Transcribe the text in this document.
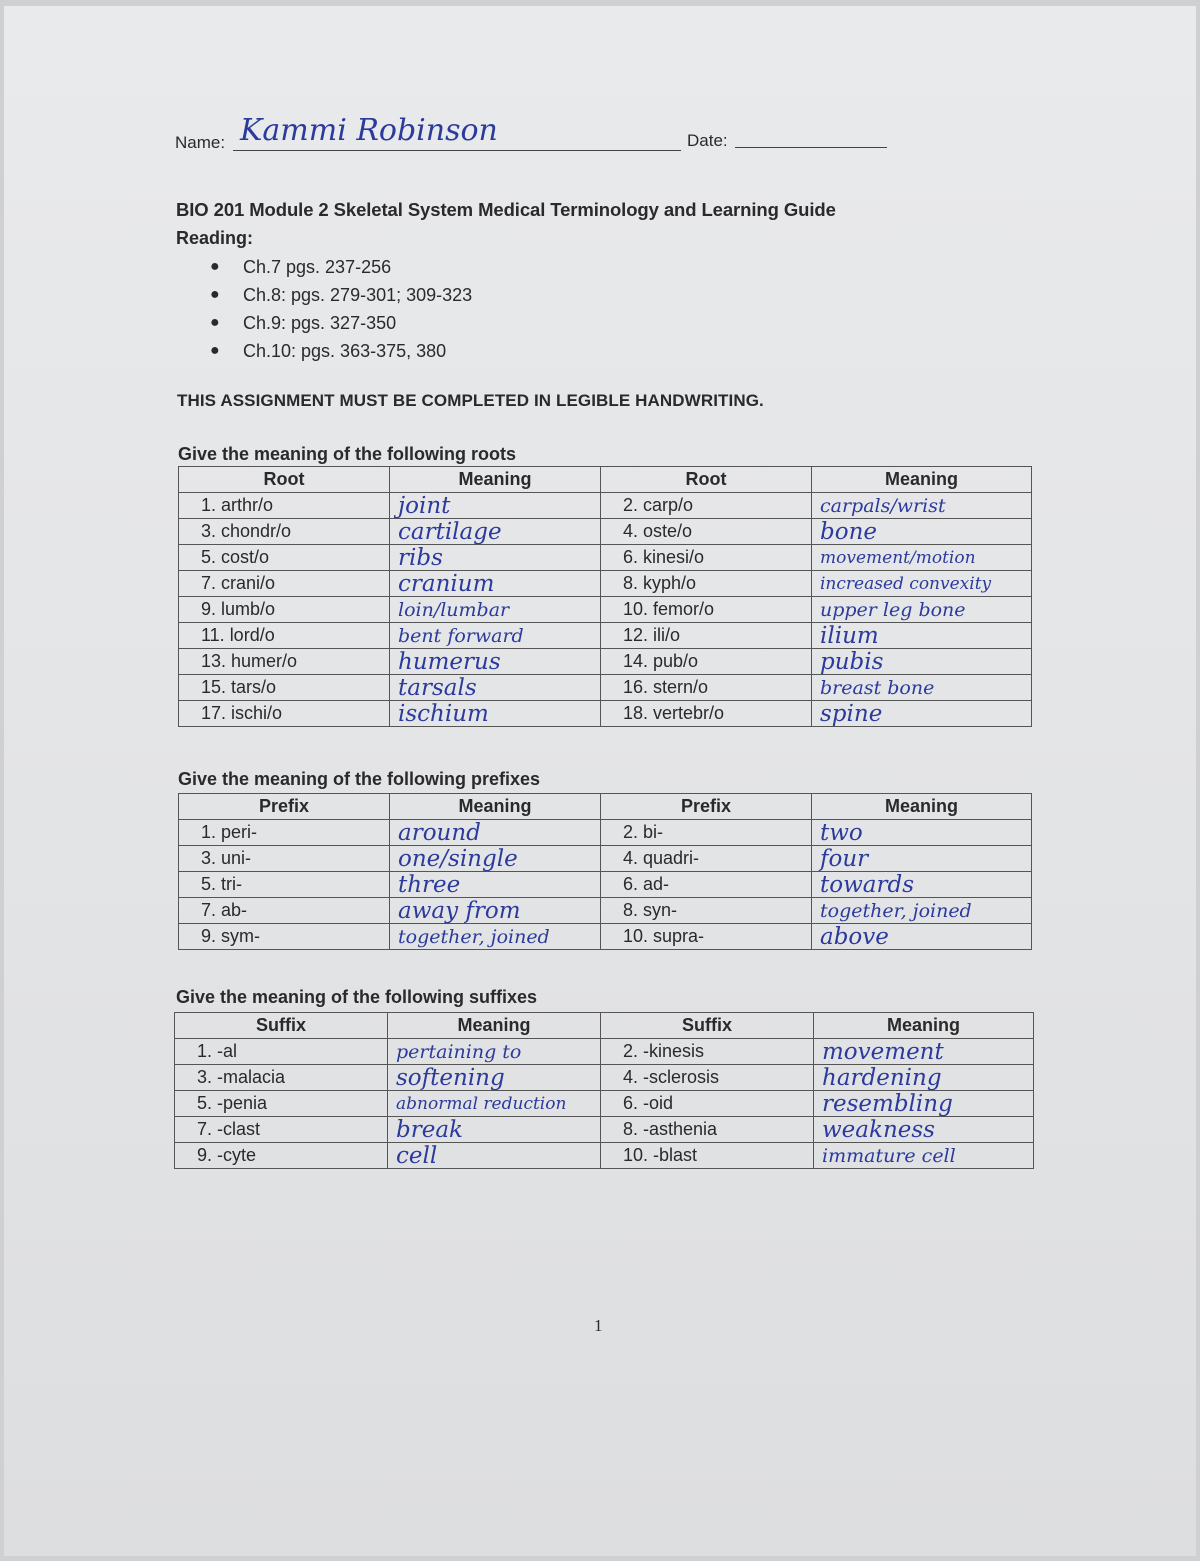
Name: Kammi Robinson	Date:
BIO 201 Module 2 Skeletal System Medical Terminology and Learning Guide
Reading:
● Ch.7 pgs. 237-256
● Ch.8: pgs. 279-301; 309-323
● Ch.9: pgs. 327-350
● Ch.10: pgs. 363-375, 380
THIS ASSIGNMENT MUST BE COMPLETED IN LEGIBLE HANDWRITING.
Give the meaning of the following roots
Root	Meaning	Root	Meaning
1. arthr/o	joint	2. carp/o	carpals/wrist
3. chondr/o	cartilage	4. oste/o	bone
5. cost/o	ribs	6. kinesi/o	movement/motion
7. crani/o	cranium	8. kyph/o	increased convexity
9. lumb/o	loin/lumbar	10. femor/o	upper leg bone
11. lord/o	bent forward	12. ili/o	ilium
13. humer/o	humerus	14. pub/o	pubis
15. tars/o	tarsals	16. stern/o	breast bone
17. ischi/o	ischium	18. vertebr/o	spine
Give the meaning of the following prefixes
Prefix	Meaning	Prefix	Meaning
1. peri-	around	2. bi-	two
3. uni-	one/single	4. quadri-	four
5. tri-	three	6. ad-	towards
7. ab-	away from	8. syn-	together, joined
9. sym-	together, joined	10. supra-	above
Give the meaning of the following suffixes
Suffix	Meaning	Suffix	Meaning
1. -al	pertaining to	2. -kinesis	movement
3. -malacia	softening	4. -sclerosis	hardening
5. -penia	abnormal reduction	6. -oid	resembling
7. -clast	break	8. -asthenia	weakness
9. -cyte	cell	10. -blast	immature cell
1
